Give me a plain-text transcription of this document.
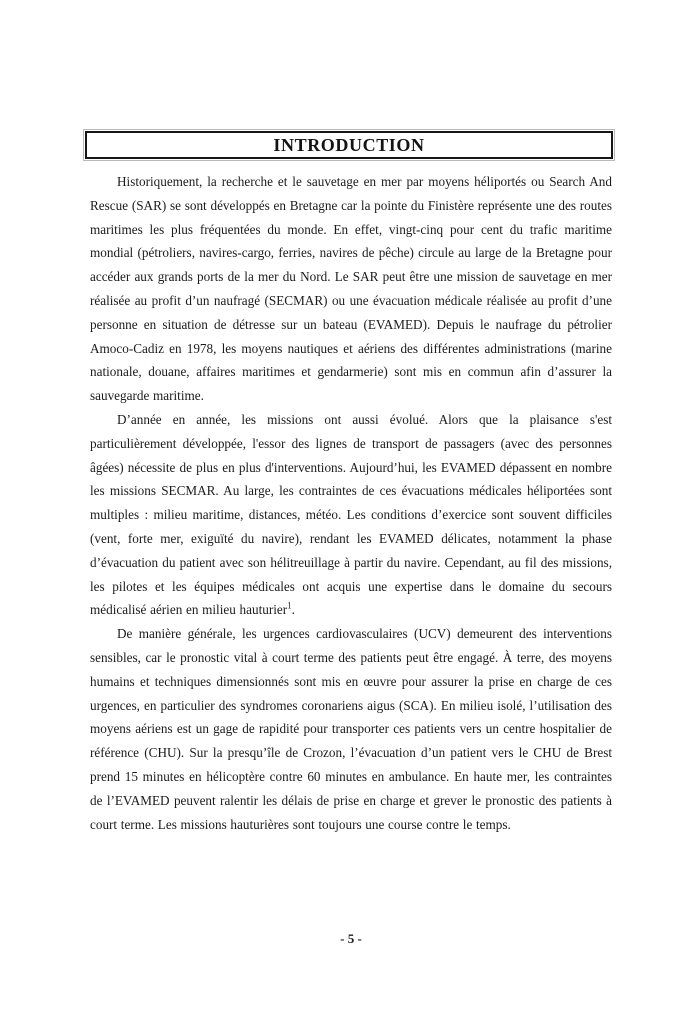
INTRODUCTION

Historiquement, la recherche et le sauvetage en mer par moyens héliportés ou Search And Rescue (SAR) se sont développés en Bretagne car la pointe du Finistère représente une des routes maritimes les plus fréquentées du monde. En effet, vingt-cinq pour cent du trafic maritime mondial (pétroliers, navires-cargo, ferries, navires de pêche) circule au large de la Bretagne pour accéder aux grands ports de la mer du Nord. Le SAR peut être une mission de sauvetage en mer réalisée au profit d’un naufragé (SECMAR) ou une évacuation médicale réalisée au profit d’une personne en situation de détresse sur un bateau (EVAMED). Depuis le naufrage du pétrolier Amoco-Cadiz en 1978, les moyens nautiques et aériens des différentes administrations (marine nationale, douane, affaires maritimes et gendarmerie) sont mis en commun afin d’assurer la sauvegarde maritime.

D’année en année, les missions ont aussi évolué. Alors que la plaisance s'est particulièrement développée, l'essor des lignes de transport de passagers (avec des personnes âgées) nécessite de plus en plus d'interventions. Aujourd’hui, les EVAMED dépassent en nombre les missions SECMAR. Au large, les contraintes de ces évacuations médicales héliportées sont multiples : milieu maritime, distances, météo. Les conditions d’exercice sont souvent difficiles (vent, forte mer, exiguïté du navire), rendant les EVAMED délicates, notamment la phase d’évacuation du patient avec son hélitreuillage à partir du navire. Cependant, au fil des missions, les pilotes et les équipes médicales ont acquis une expertise dans le domaine du secours médicalisé aérien en milieu hauturier$^1$.

De manière générale, les urgences cardiovasculaires (UCV) demeurent des interventions sensibles, car le pronostic vital à court terme des patients peut être engagé. À terre, des moyens humains et techniques dimensionnés sont mis en œuvre pour assurer la prise en charge de ces urgences, en particulier des syndromes coronariens aigus (SCA). En milieu isolé, l’utilisation des moyens aériens est un gage de rapidité pour transporter ces patients vers un centre hospitalier de référence (CHU). Sur la presqu’île de Crozon, l’évacuation d’un patient vers le CHU de Brest prend 15 minutes en hélicoptère contre 60 minutes en ambulance. En haute mer, les contraintes de l’EVAMED peuvent ralentir les délais de prise en charge et grever le pronostic des patients à court terme. Les missions hauturières sont toujours une course contre le temps.

- 5 -
